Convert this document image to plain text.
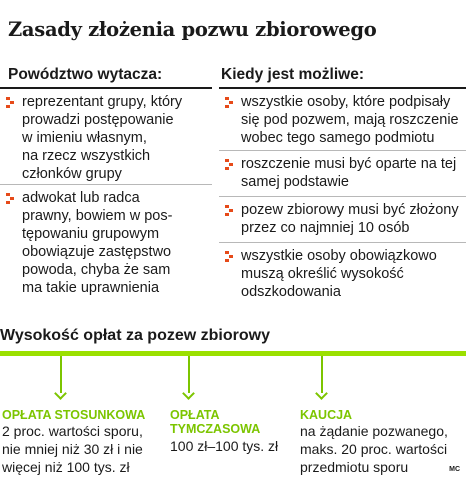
Zasady złożenia pozwu zbiorowego
Powództwo wytacza:	Kiedy jest możliwe:
reprezentant grupy, który
prowadzi postępowanie
w imieniu własnym,
na rzecz wszystkich
członków grupy
adwokat lub radca
prawny, bowiem w pos-
tępowaniu grupowym
obowiązuje zastępstwo
powoda, chyba że sam
ma takie uprawnienia
wszystkie osoby, które podpisały
się pod pozwem, mają roszczenie
wobec tego samego podmiotu
roszczenie musi być oparte na tej
samej podstawie
pozew zbiorowy musi być złożony
przez co najmniej 10 osób
wszystkie osoby obowiązkowo
muszą określić wysokość
odszkodowania
Wysokość opłat za pozew zbiorowy
OPŁATA STOSUNKOWA
2 proc. wartości sporu,
nie mniej niż 30 zł i nie
więcej niż 100 tys. zł
OPŁATA
TYMCZASOWA
100 zł–100 tys. zł
KAUCJA
na żądanie pozwanego,
maks. 20 proc. wartości
przedmiotu sporu	MC
